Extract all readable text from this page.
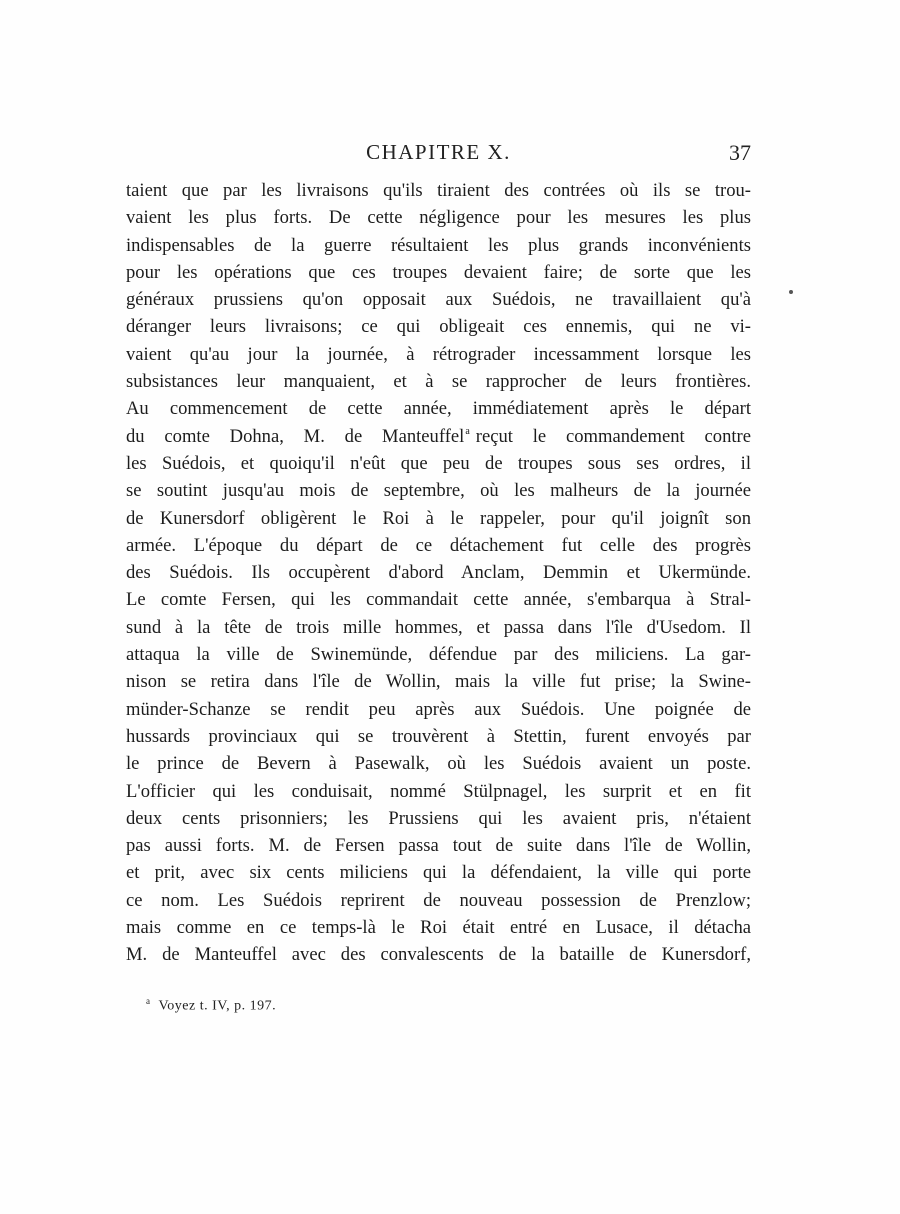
CHAPITRE X.	37
taient que par les livraisons qu'ils tiraient des contrées où ils se trou-
vaient les plus forts. De cette négligence pour les mesures les plus
indispensables de la guerre résultaient les plus grands inconvénients
pour les opérations que ces troupes devaient faire; de sorte que les
généraux prussiens qu'on opposait aux Suédois, ne travaillaient qu'à
déranger leurs livraisons; ce qui obligeait ces ennemis, qui ne vi-
vaient qu'au jour la journée, à rétrograder incessamment lorsque les
subsistances leur manquaient, et à se rapprocher de leurs frontières.
Au commencement de cette année, immédiatement après le départ
du comte Dohna, M. de Manteuffel$^a$ reçut le commandement contre
les Suédois, et quoiqu'il n'eût que peu de troupes sous ses ordres, il
se soutint jusqu'au mois de septembre, où les malheurs de la journée
de Kunersdorf obligèrent le Roi à le rappeler, pour qu'il joignît son
armée. L'époque du départ de ce détachement fut celle des progrès
des Suédois. Ils occupèrent d'abord Anclam, Demmin et Ukermünde.
Le comte Fersen, qui les commandait cette année, s'embarqua à Stral-
sund à la tête de trois mille hommes, et passa dans l'île d'Usedom. Il
attaqua la ville de Swinemünde, défendue par des miliciens. La gar-
nison se retira dans l'île de Wollin, mais la ville fut prise; la Swine-
münder-Schanze se rendit peu après aux Suédois. Une poignée de
hussards provinciaux qui se trouvèrent à Stettin, furent envoyés par
le prince de Bevern à Pasewalk, où les Suédois avaient un poste.
L'officier qui les conduisait, nommé Stülpnagel, les surprit et en fit
deux cents prisonniers; les Prussiens qui les avaient pris, n'étaient
pas aussi forts. M. de Fersen passa tout de suite dans l'île de Wollin,
et prit, avec six cents miliciens qui la défendaient, la ville qui porte
ce nom. Les Suédois reprirent de nouveau possession de Prenzlow;
mais comme en ce temps-là le Roi était entré en Lusace, il détacha
M. de Manteuffel avec des convalescents de la bataille de Kunersdorf,
$^a$ Voyez t. IV, p. 197.
